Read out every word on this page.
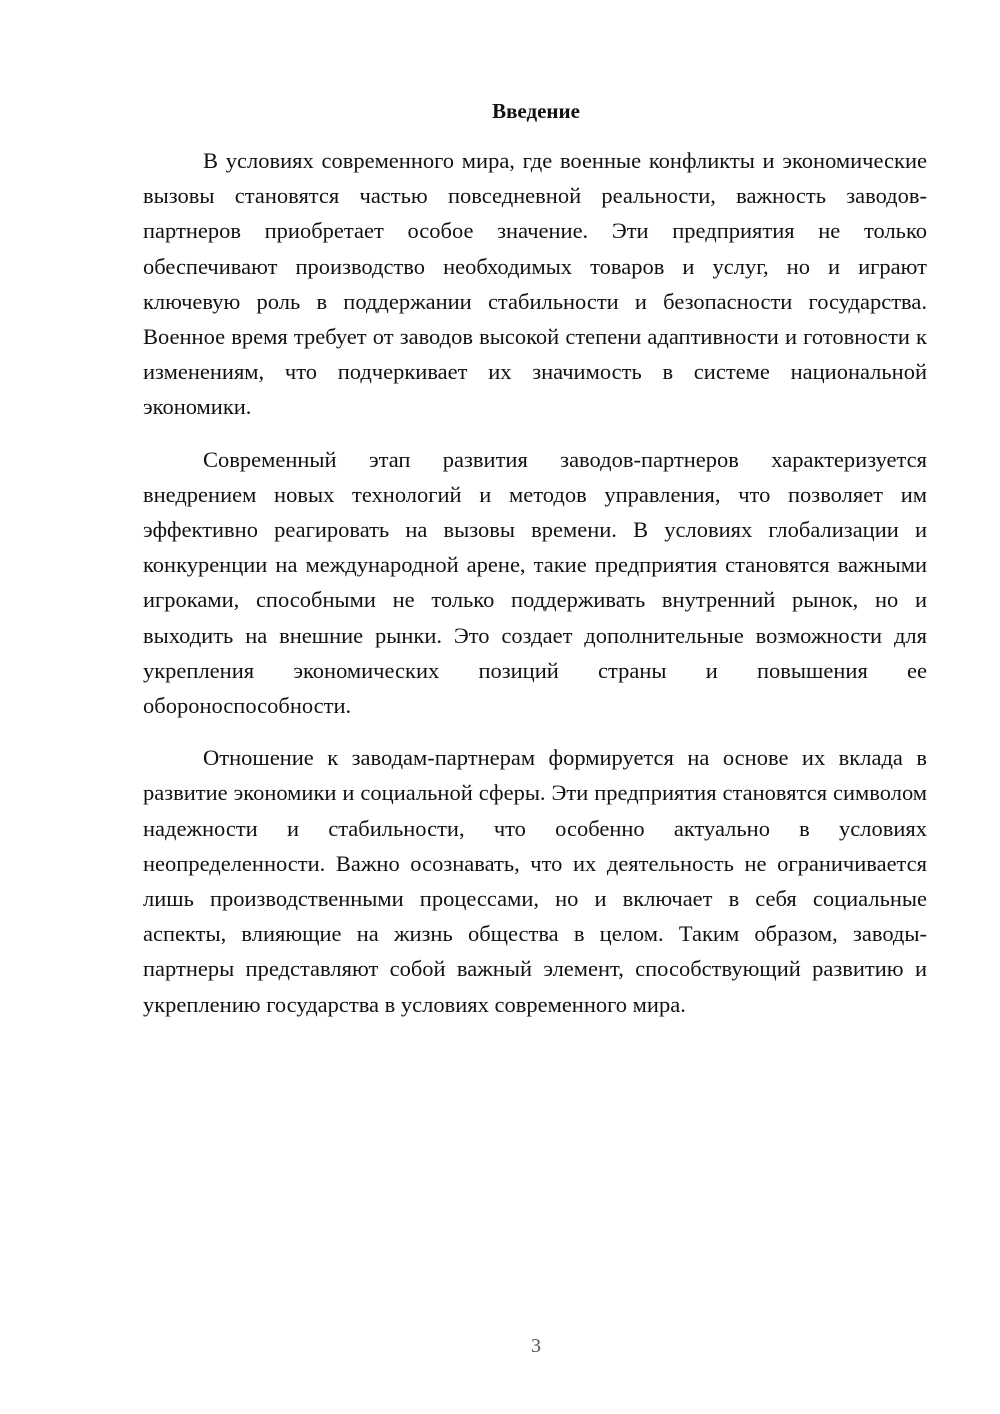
Введение

В условиях современного мира, где военные конфликты и экономические вызовы становятся частью повседневной реальности, важность заводов-партнеров приобретает особое значение. Эти предприятия не только обеспечивают производство необходимых товаров и услуг, но и играют ключевую роль в поддержании стабильности и безопасности государства. Военное время требует от заводов высокой степени адаптивности и готовности к изменениям, что подчеркивает их значимость в системе национальной экономики.

Современный этап развития заводов-партнеров характеризуется внедрением новых технологий и методов управления, что позволяет им эффективно реагировать на вызовы времени. В условиях глобализации и конкуренции на международной арене, такие предприятия становятся важными игроками, способными не только поддерживать внутренний рынок, но и выходить на внешние рынки. Это создает дополнительные возможности для укрепления экономических позиций страны и повышения ее обороноспособности.

Отношение к заводам-партнерам формируется на основе их вклада в развитие экономики и социальной сферы. Эти предприятия становятся символом надежности и стабильности, что особенно актуально в условиях неопределенности. Важно осознавать, что их деятельность не ограничивается лишь производственными процессами, но и включает в себя социальные аспекты, влияющие на жизнь общества в целом. Таким образом, заводы-партнеры представляют собой важный элемент, способствующий развитию и укреплению государства в условиях современного мира.

3
